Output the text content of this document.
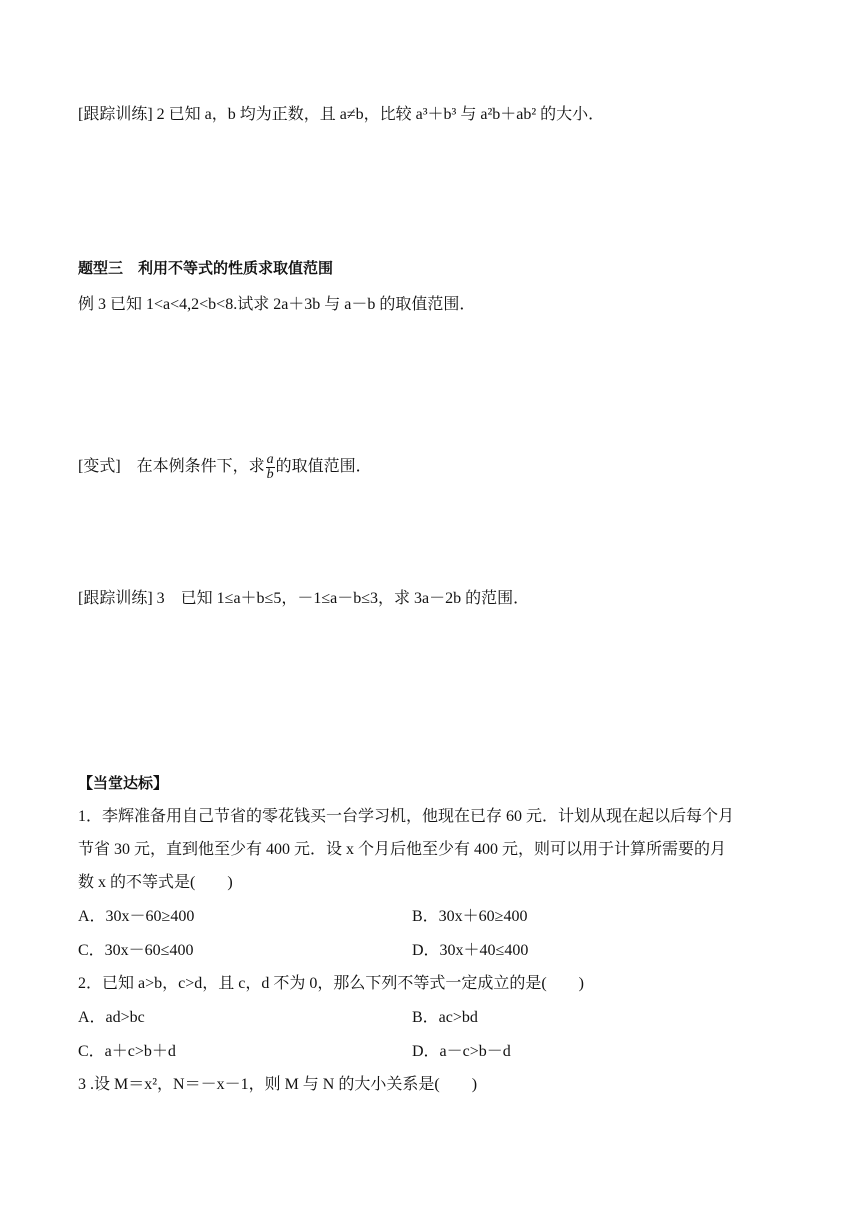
[跟踪训练] 2 已知 a，b 均为正数，且 a≠b，比较 a³＋b³ 与 a²b＋ab² 的大小．
题型三　利用不等式的性质求取值范围
例 3 已知 1<a<4,2<b<8.试求 2a＋3b 与 a－b 的取值范围．
[变式]　在本例条件下，求 $\frac{a}{b}$ 的取值范围．
[跟踪训练] 3　已知 1≤a＋b≤5，－1≤a－b≤3，求 3a－2b 的范围．
【当堂达标】
1．李辉准备用自己节省的零花钱买一台学习机，他现在已存 60 元．计划从现在起以后每个月
节省 30 元，直到他至少有 400 元．设 x 个月后他至少有 400 元，则可以用于计算所需要的月
数 x 的不等式是(　　)
A．30x－60≥400	B．30x＋60≥400
C．30x－60≤400	D．30x＋40≤400
2．已知 a>b，c>d，且 c，d 不为 0，那么下列不等式一定成立的是(　　)
A．ad>bc	B．ac>bd
C．a＋c>b＋d	D．a－c>b－d
3 .设 M＝x²，N＝－x－1，则 M 与 N 的大小关系是(　　)
